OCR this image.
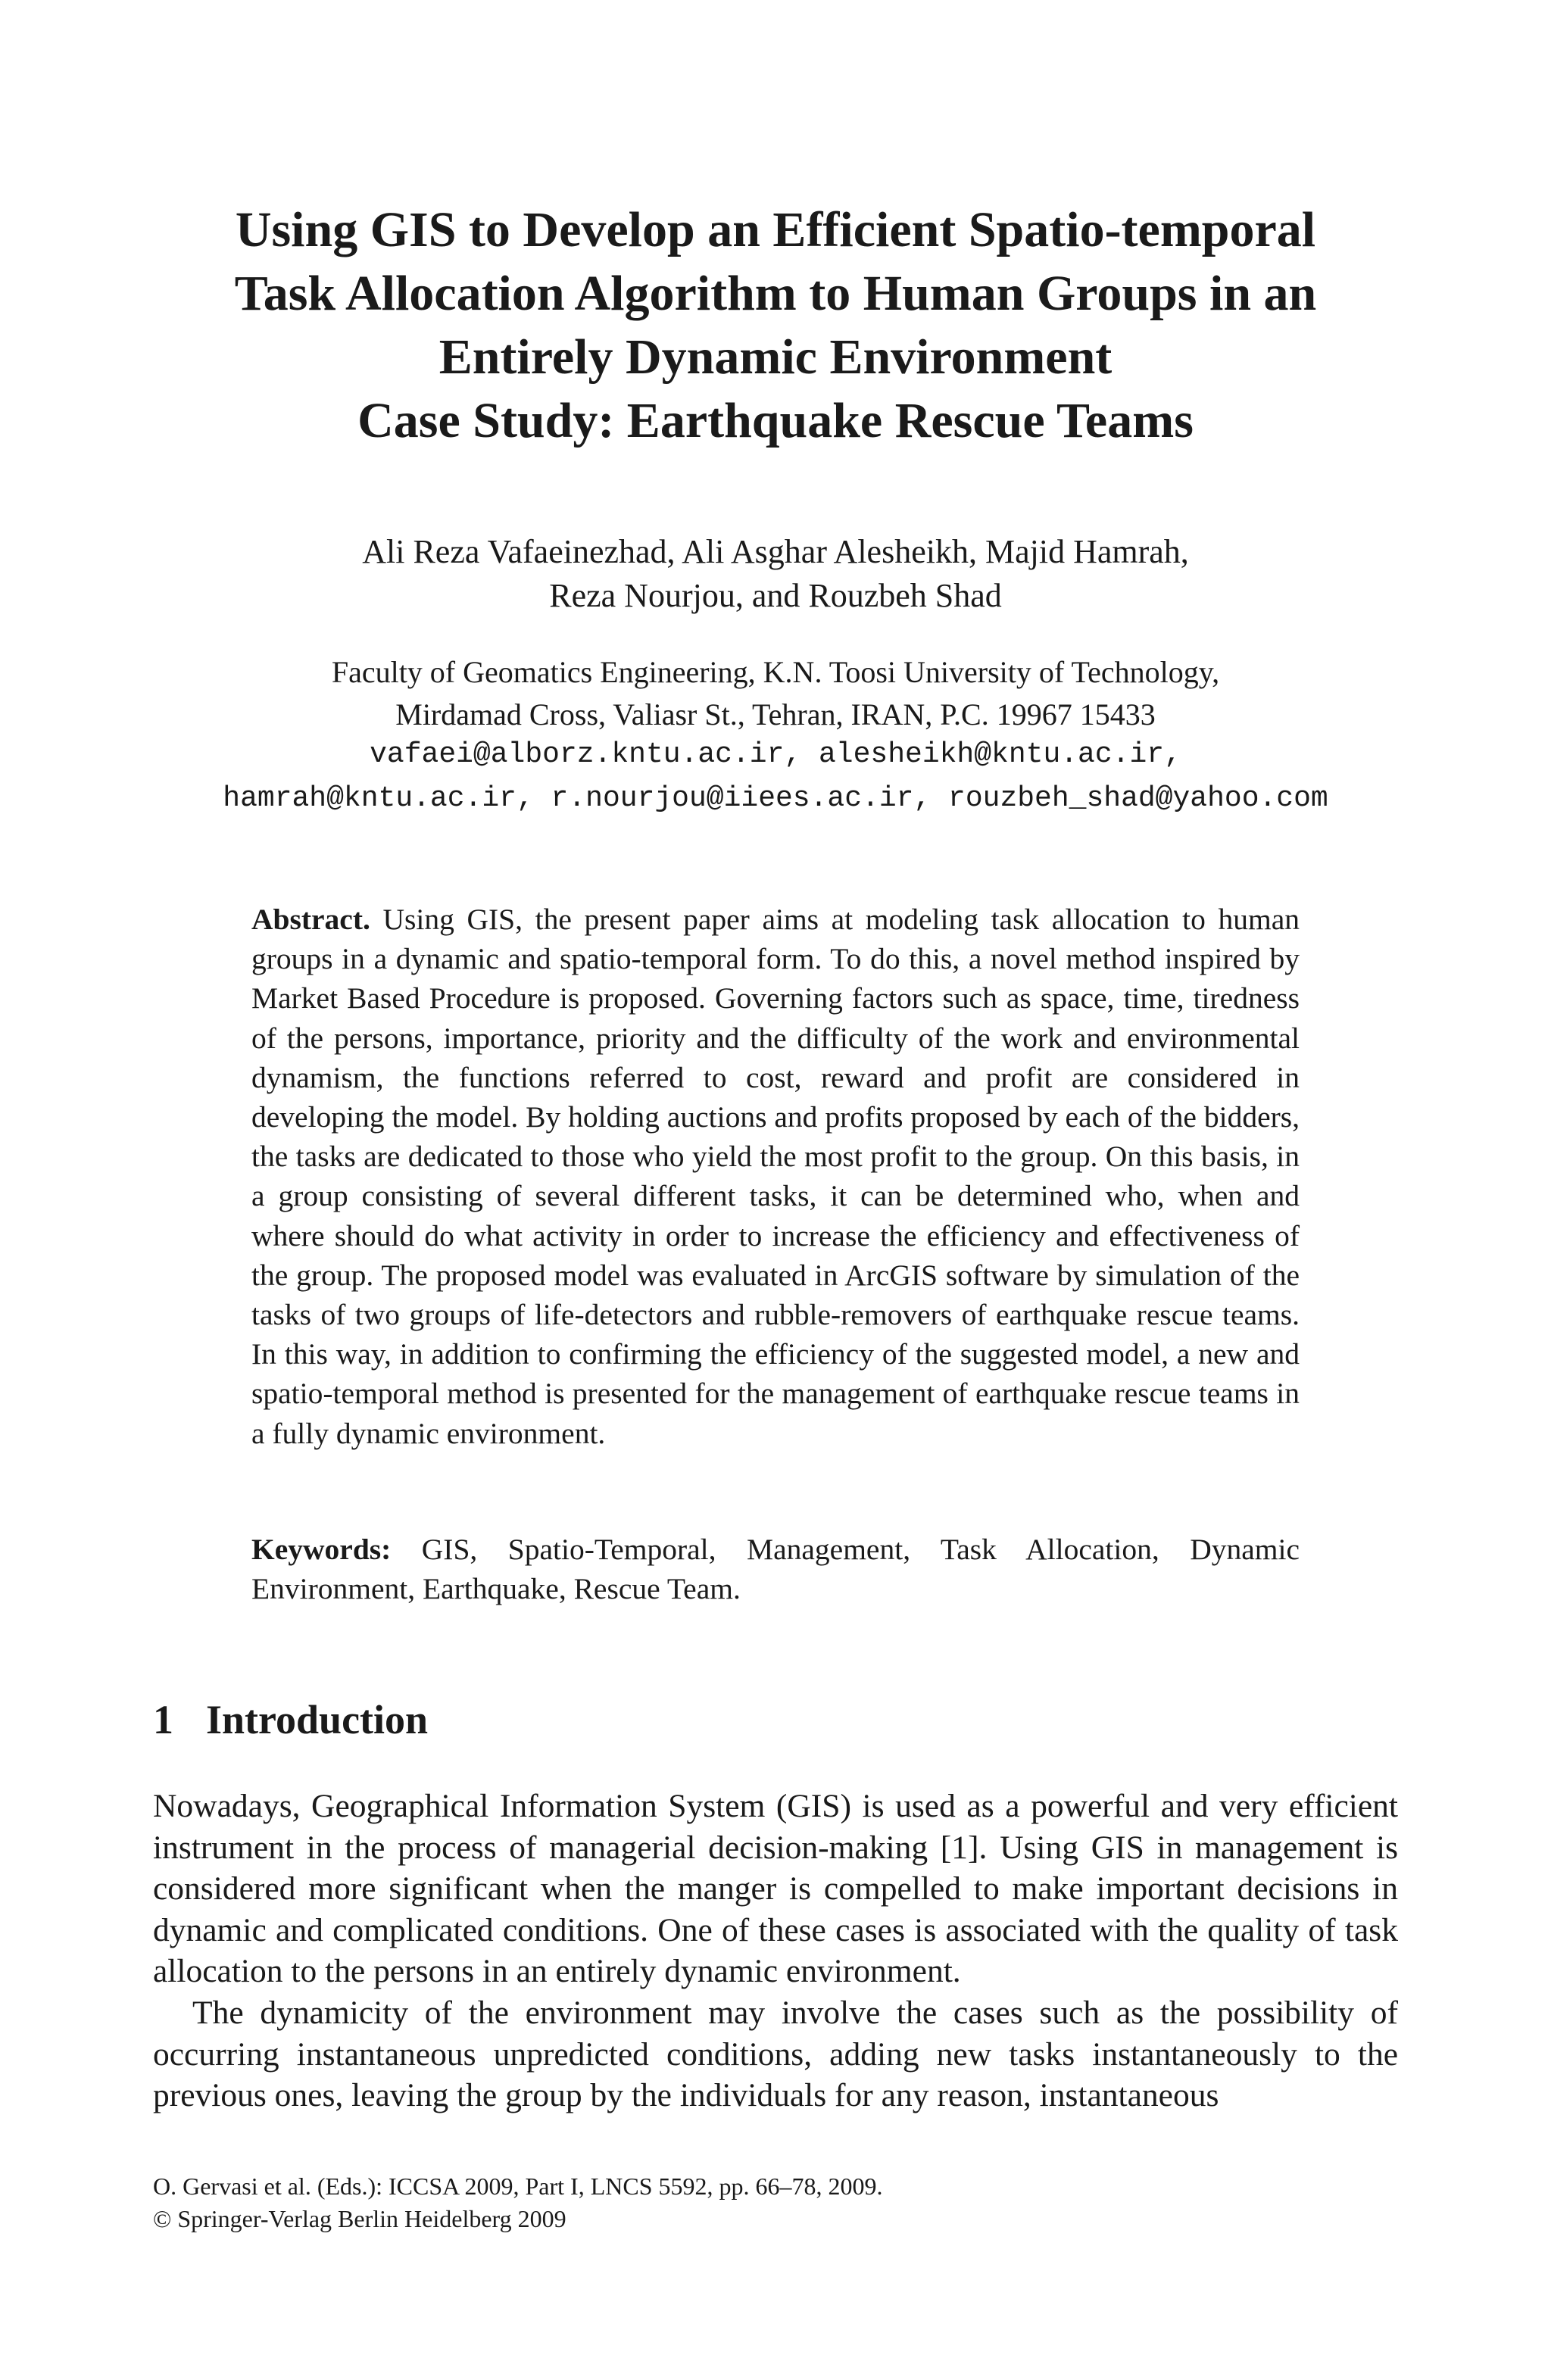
Using GIS to Develop an Efficient Spatio-temporal
Task Allocation Algorithm to Human Groups in an
Entirely Dynamic Environment
Case Study: Earthquake Rescue Teams
Ali Reza Vafaeinezhad, Ali Asghar Alesheikh, Majid Hamrah,
Reza Nourjou, and Rouzbeh Shad
Faculty of Geomatics Engineering, K.N. Toosi University of Technology,
Mirdamad Cross, Valiasr St., Tehran, IRAN, P.C. 19967 15433
vafaei@alborz.kntu.ac.ir, alesheikh@kntu.ac.ir,
hamrah@kntu.ac.ir, r.nourjou@iiees.ac.ir, rouzbeh_shad@yahoo.com
Abstract. Using GIS, the present paper aims at modeling task allocation to human groups in a dynamic and spatio-temporal form. To do this, a novel method inspired by Market Based Procedure is proposed. Governing factors such as space, time, tiredness of the persons, importance, priority and the difficulty of the work and environmental dynamism, the functions referred to cost, reward and profit are considered in developing the model. By holding auctions and profits proposed by each of the bidders, the tasks are dedicated to those who yield the most profit to the group. On this basis, in a group consisting of several different tasks, it can be determined who, when and where should do what activity in order to increase the efficiency and effectiveness of the group. The proposed model was evaluated in ArcGIS software by simulation of the tasks of two groups of life-detectors and rubble-removers of earthquake rescue teams. In this way, in addition to confirming the efficiency of the suggested model, a new and spatio-temporal method is presented for the management of earthquake rescue teams in a fully dynamic environment.
Keywords: GIS, Spatio-Temporal, Management, Task Allocation, Dynamic Environment, Earthquake, Rescue Team.
1 Introduction

Nowadays, Geographical Information System (GIS) is used as a powerful and very efficient instrument in the process of managerial decision-making [1]. Using GIS in management is considered more significant when the manger is compelled to make important decisions in dynamic and complicated conditions. One of these cases is associated with the quality of task allocation to the persons in an entirely dynamic environment.

The dynamicity of the environment may involve the cases such as the possibility of occurring instantaneous unpredicted conditions, adding new tasks instantaneously to the previous ones, leaving the group by the individuals for any reason, instantaneous

O. Gervasi et al. (Eds.): ICCSA 2009, Part I, LNCS 5592, pp. 66–78, 2009.
© Springer-Verlag Berlin Heidelberg 2009
